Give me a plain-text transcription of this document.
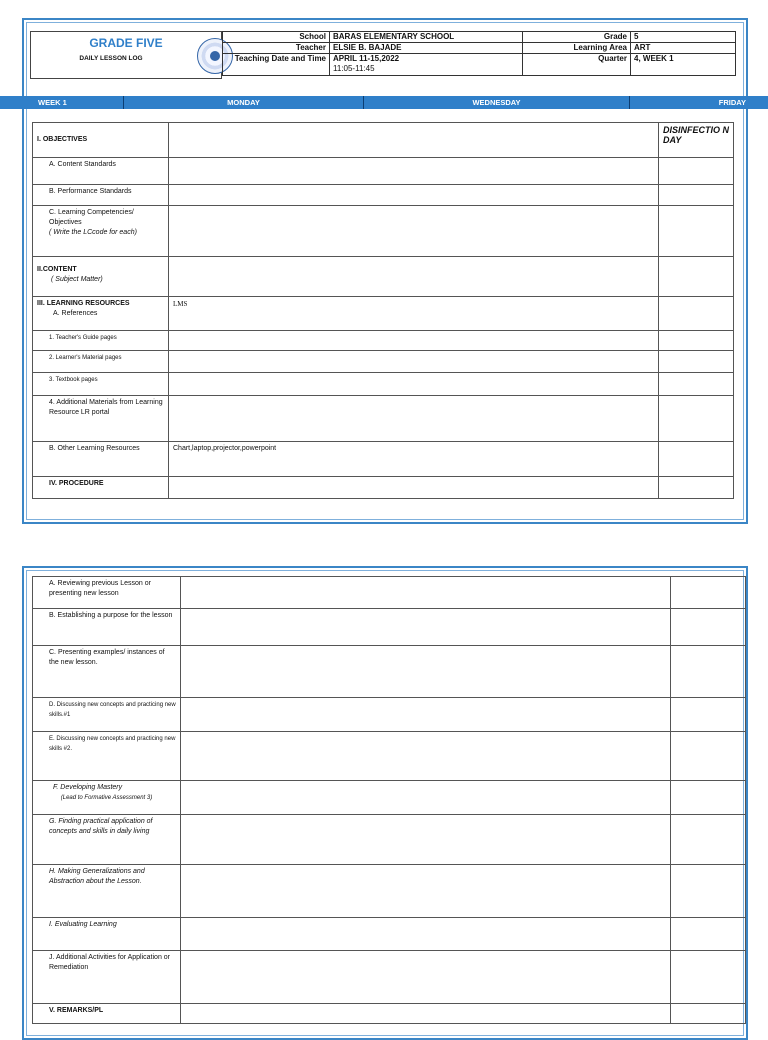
GRADE FIVE
DAILY LESSON LOG
School	BARAS ELEMENTARY SCHOOL	Grade	5
Teacher	ELSIE B. BAJADE	Learning Area	ART
Teaching Date and Time	APRIL 11-15,2022
11:05-11:45	Quarter	4, WEEK 1
WEEK 1	MONDAY	WEDNESDAY	FRIDAY
I. OBJECTIVES		DISINFECTIO N DAY
A. Content Standards		
B. Performance Standards		

C. Learning Competencies/ Objectives
( Write the LCcode for each)		

II.CONTENT
( Subject Matter)		

III. LEARNING RESOURCES
A. References	LMS	
1. Teacher's Guide pages		
2. Learner's Material pages		
3. Textbook pages		
4. Additional Materials from Learning Resource LR portal		
B. Other Learning Resources	Chart,laptop,projector,powerpoint	
IV. PROCEDURE		
A. Reviewing previous Lesson or presenting new lesson		
B. Establishing a purpose for the lesson		
C. Presenting examples/ instances of the new lesson.		
D. Discussing new concepts and practicing new skills.#1		
E. Discussing new concepts and practicing new skills #2.		

F. Developing Mastery
(Lead to Formative Assessment 3)		

G. Finding practical application of concepts and skills in daily living		
H. Making Generalizations and Abstraction about the Lesson.		
I. Evaluating Learning		
J. Additional Activities for Application or Remediation		
V. REMARKS/PL		
